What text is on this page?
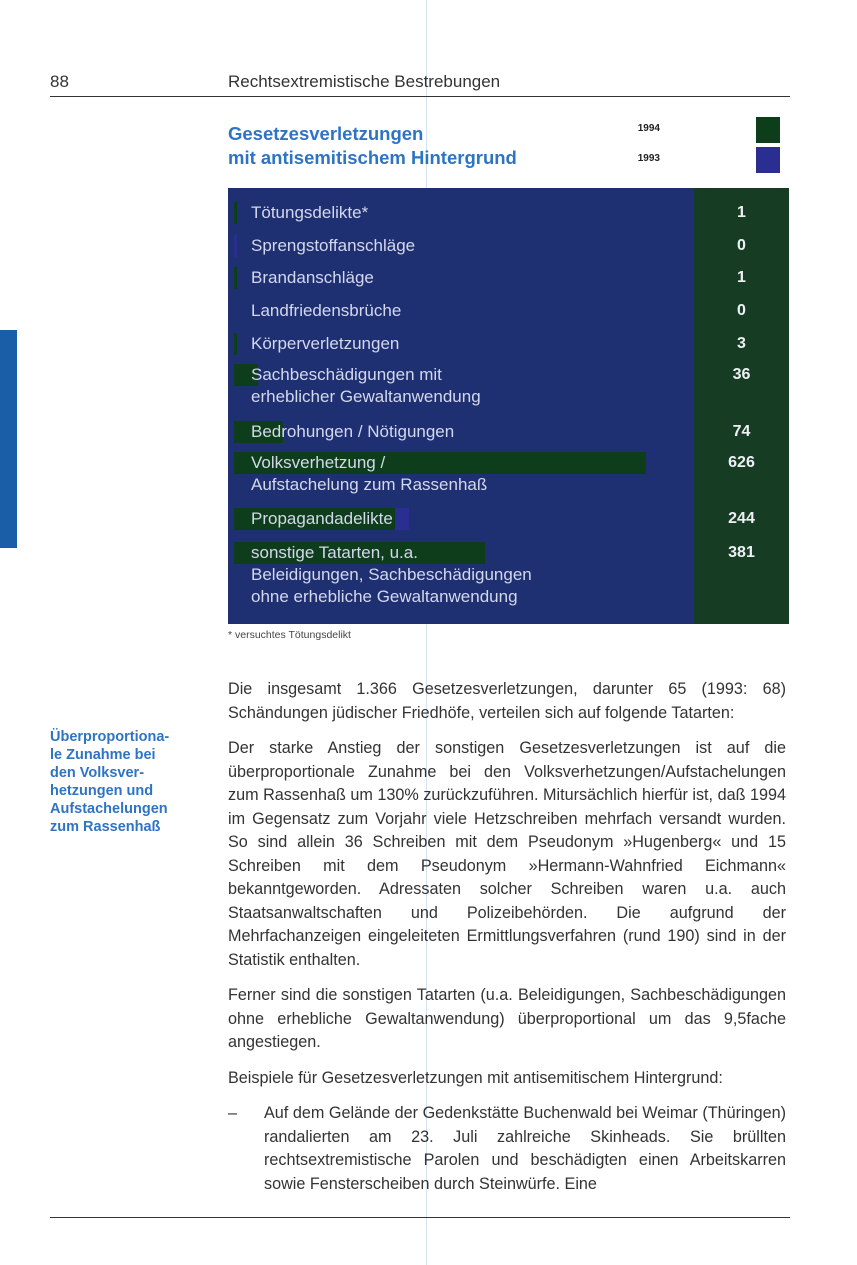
88	Rechtsextremistische Bestrebungen
Gesetzesverletzungen
mit antisemitischem Hintergrund
1994
1993
Tötungsdelikte*	1
Sprengstoffanschläge	0
Brandanschläge	1
Landfriedensbrüche	0
Körperverletzungen	3
Sachbeschädigungen mit
erheblicher Gewaltanwendung
36
Bedrohungen / Nötigungen	74
Volksverhetzung /
Aufstachelung zum Rassenhaß
626
Propagandadelikte	244
sonstige Tatarten, u.a.
Beleidigungen, Sachbeschädigungen
ohne erhebliche Gewaltanwendung
381
* versuchtes Tötungsdelikt
Überproportiona-
le Zunahme bei
den Volksver-
hetzungen und
Aufstachelungen
zum Rassenhaß

Die insgesamt 1.366 Gesetzesverletzungen, darunter 65 (1993: 68) Schändungen jüdischer Friedhöfe, verteilen sich auf folgende Tatarten:

Der starke Anstieg der sonstigen Gesetzesverletzungen ist auf die überproportionale Zunahme bei den Volksverhetzungen/Aufstachelungen zum Rassenhaß um 130% zurückzuführen. Mitursächlich hierfür ist, daß 1994 im Gegensatz zum Vorjahr viele Hetzschreiben mehrfach versandt wurden. So sind allein 36 Schreiben mit dem Pseudonym »Hugenberg« und 15 Schreiben mit dem Pseudonym »Hermann-Wahnfried Eichmann« bekanntgeworden. Adressaten solcher Schreiben waren u.a. auch Staatsanwaltschaften und Polizeibehörden. Die aufgrund der Mehrfachanzeigen eingeleiteten Ermittlungsverfahren (rund 190) sind in der Statistik enthalten.

Ferner sind die sonstigen Tatarten (u.a. Beleidigungen, Sachbeschädigungen ohne erhebliche Gewaltanwendung) überproportional um das 9,5fache angestiegen.

Beispiele für Gesetzesverletzungen mit antisemitischem Hintergrund:

–	Auf dem Gelände der Gedenkstätte Buchenwald bei Weimar (Thüringen) randalierten am 23. Juli zahlreiche Skinheads. Sie brüllten rechtsextremistische Parolen und beschädigten einen Arbeitskarren sowie Fensterscheiben durch Steinwürfe. Eine
